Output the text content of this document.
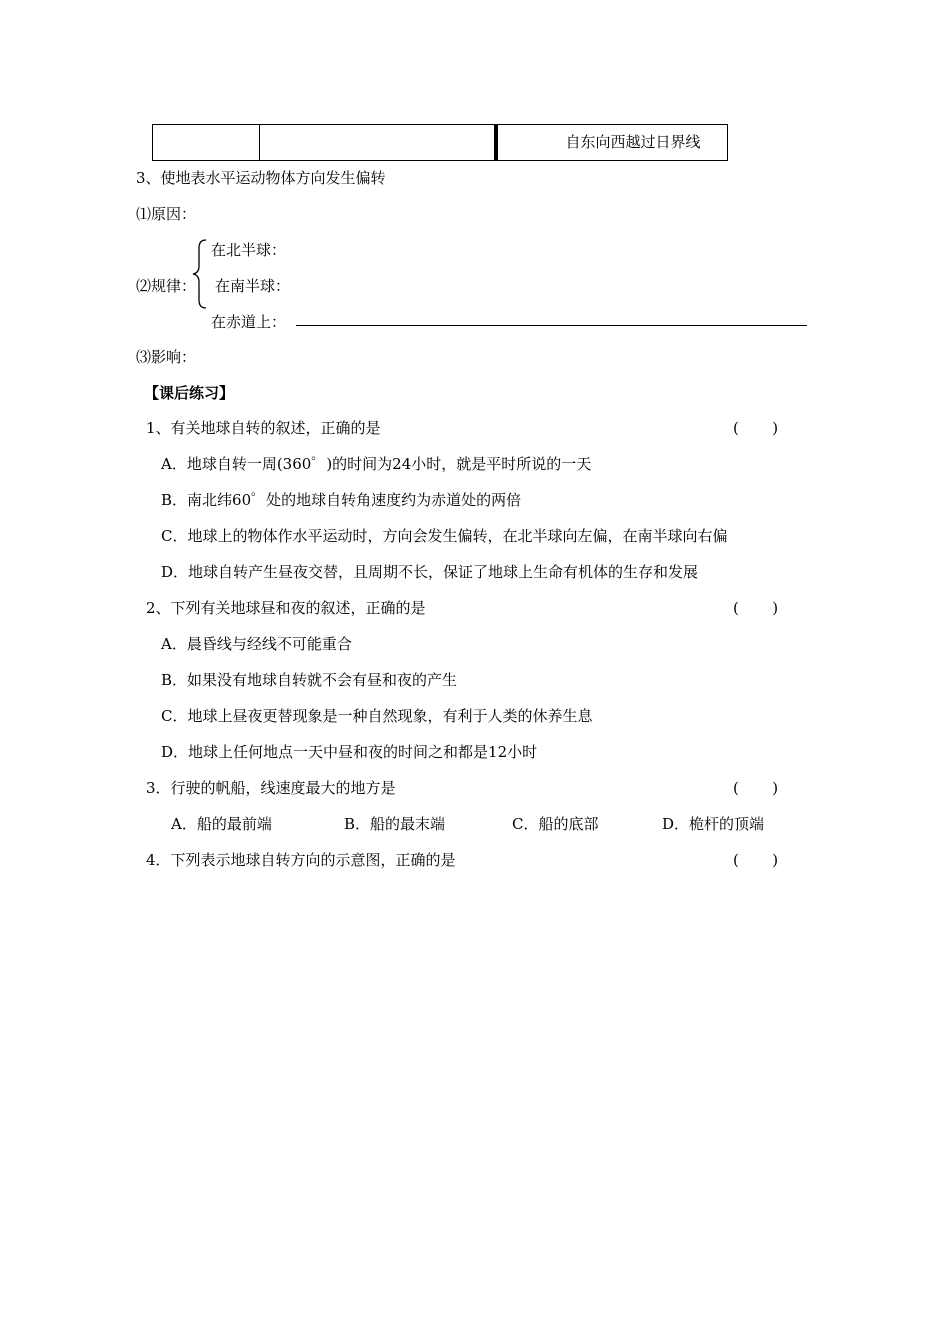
自东向西越过日界线
3、使地表水平运动物体方向发生偏转
⑴原因：
在北半球：
⑵规律： 在南半球：
在赤道上：
⑶影响：
【课后练习】
1、有关地球自转的叙述，正确的是	(       )
A．地球自转一周(360゜)的时间为24小时，就是平时所说的一天
B．南北纬60゜处的地球自转角速度约为赤道处的两倍
C．地球上的物体作水平运动时，方向会发生偏转，在北半球向左偏，在南半球向右偏
D．地球自转产生昼夜交替，且周期不长，保证了地球上生命有机体的生存和发展
2、下列有关地球昼和夜的叙述，正确的是	(       )
A．晨昏线与经线不可能重合
B．如果没有地球自转就不会有昼和夜的产生
C．地球上昼夜更替现象是一种自然现象，有利于人类的休养生息
D．地球上任何地点一天中昼和夜的时间之和都是12小时
3．行驶的帆船，线速度最大的地方是	(       )
A．船的最前端	B．船的最末端	C．船的底部	D．桅杆的顶端
4．下列表示地球自转方向的示意图，正确的是	(       )
